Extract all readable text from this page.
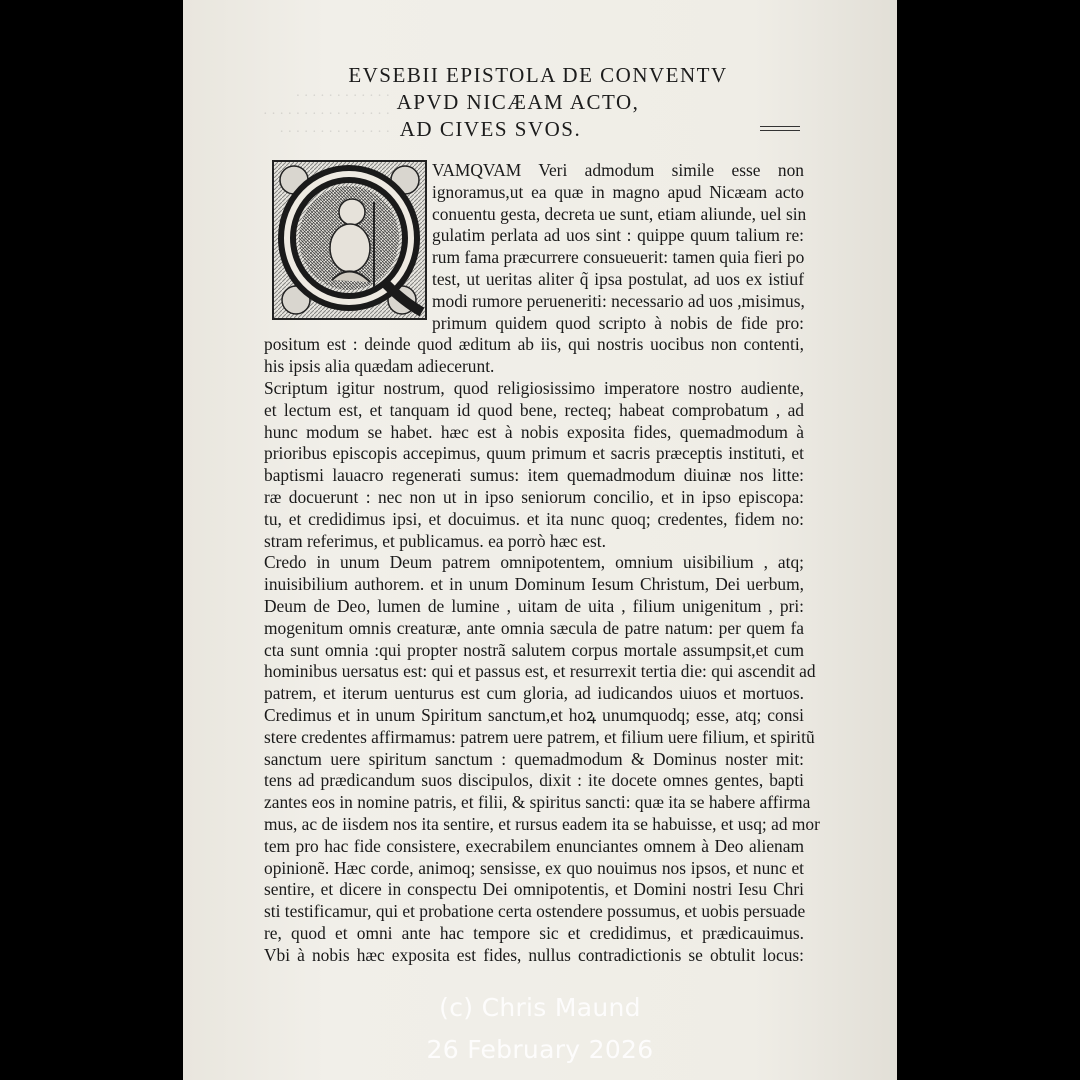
· · · · · · · · · · · ·
· · · · · · · · · · · · · · · ·
· · · · · · · · · · · · · ·
EVSEBII EPISTOLA DE CONVENTV
APVD NICÆAM ACTO,
AD CIVES SVOS.
VAMQVAM Veri admodum simile esse non
ignoramus,ut ea quæ in magno apud Nicæam acto
conuentu gesta, decreta ue sunt, etiam aliunde, uel sin
gulatim perlata ad uos sint : quippe quum talium re:
rum fama præcurrere consueuerit: tamen quia fieri po
test, ut ueritas aliter q̃ ipsa postulat, ad uos ex istiuf
modi rumore perueneriti: necessario ad uos ,misimus,
primum quidem quod scripto à nobis de fide pro:
positum est : deinde quod æditum ab iis, qui nostris uocibus non contenti,
his ipsis alia quædam adiecerunt.
Scriptum igitur nostrum, quod religiosissimo imperatore nostro audiente,
et lectum est, et tanquam id quod bene, recteq; habeat comprobatum , ad
hunc modum se habet. hæc est à nobis exposita fides, quemadmodum à
prioribus episcopis accepimus, quum primum et sacris præceptis instituti, et
baptismi lauacro regenerati sumus: item quemadmodum diuinæ nos litte:
ræ docuerunt : nec non ut in ipso seniorum concilio, et in ipso episcopa:
tu, et credidimus ipsi, et docuimus. et ita nunc quoq; credentes, fidem no:
stram referimus, et publicamus. ea porrò hæc est.
Credo in unum Deum patrem omnipotentem, omnium uisibilium , atq;
inuisibilium authorem. et in unum Dominum Iesum Christum, Dei uerbum,
Deum de Deo, lumen de lumine , uitam de uita , filium unigenitum , pri:
mogenitum omnis creaturæ, ante omnia sæcula de patre natum: per quem fa
cta sunt omnia :qui propter nostrã salutem corpus mortale assumpsit,et cum
hominibus uersatus est: qui et passus est, et resurrexit tertia die: qui ascendit ad
patrem, et iterum uenturus est cum gloria, ad iudicandos uiuos et mortuos.
Credimus et in unum Spiritum sanctum,et hoꝝ unumquodq; esse, atq; consi
stere credentes affirmamus: patrem uere patrem, et filium uere filium, et spiritũ
sanctum uere spiritum sanctum : quemadmodum & Dominus noster mit:
tens ad prædicandum suos discipulos, dixit : ite docete omnes gentes, bapti
zantes eos in nomine patris, et filii, & spiritus sancti: quæ ita se habere affirma
mus, ac de iisdem nos ita sentire, et rursus eadem ita se habuisse, et usq; ad mor
tem pro hac fide consistere, execrabilem enunciantes omnem à Deo alienam
opinionẽ. Hæc corde, animoq; sensisse, ex quo nouimus nos ipsos, et nunc et
sentire, et dicere in conspectu Dei omnipotentis, et Domini nostri Iesu Chri
sti testificamur, qui et probatione certa ostendere possumus, et uobis persuade
re, quod et omni ante hac tempore sic et credidimus, et prædicauimus.
Vbi à nobis hæc exposita est fides, nullus contradictionis se obtulit locus:
(c) Chris Maund
26 February 2026
